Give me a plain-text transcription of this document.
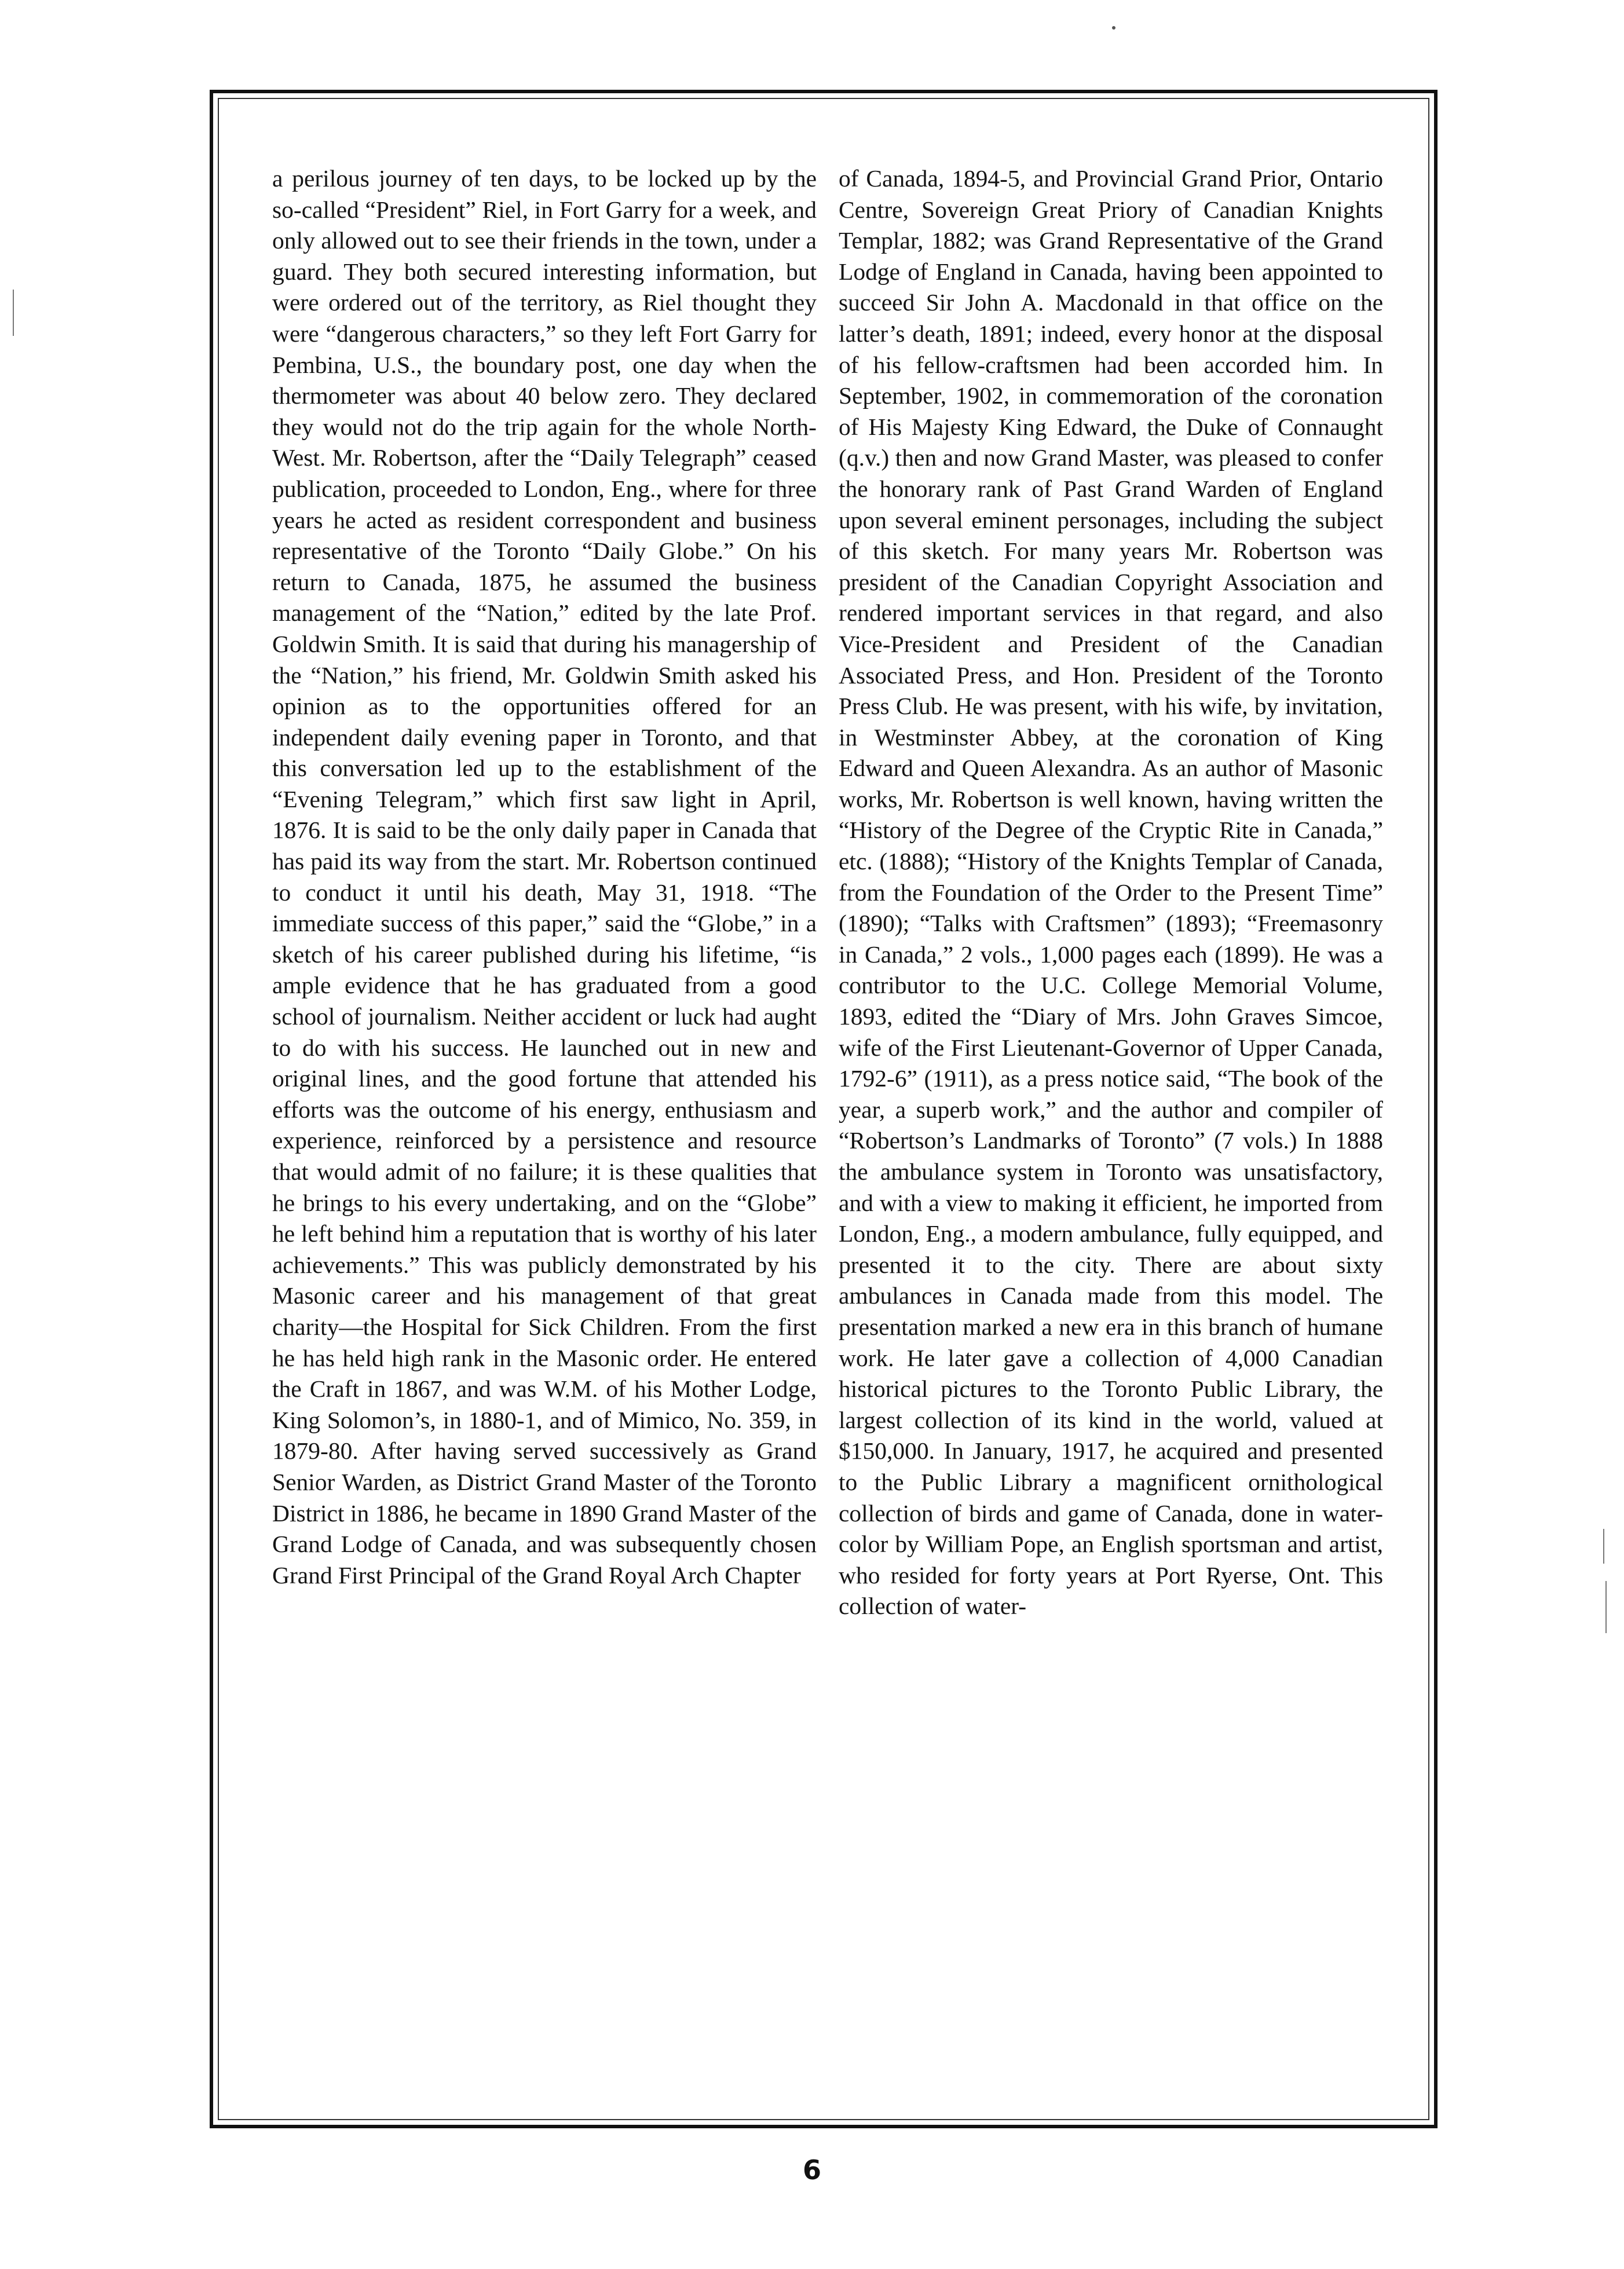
a perilous journey of ten days, to be locked up by the so-called “President” Riel, in Fort Garry for a week, and only allowed out to see their friends in the town, under a guard. They both secured interesting information, but were ordered out of the territory, as Riel thought they were “dangerous characters,” so they left Fort Garry for Pembina, U.S., the boundary post, one day when the thermometer was about 40 below zero. They declared they would not do the trip again for the whole North-West. Mr. Robertson, after the “Daily Telegraph” ceased publication, proceeded to London, Eng., where for three years he acted as resident correspondent and business representative of the Toronto “Daily Globe.” On his return to Canada, 1875, he assumed the business management of the “Nation,” edited by the late Prof. Goldwin Smith. It is said that during his managership of the “Nation,” his friend, Mr. Goldwin Smith asked his opinion as to the opportunities offered for an independent daily evening paper in Toronto, and that this conversation led up to the establishment of the “Evening Telegram,” which first saw light in April, 1876. It is said to be the only daily paper in Canada that has paid its way from the start. Mr. Robertson continued to conduct it until his death, May 31, 1918. “The immediate success of this paper,” said the “Globe,” in a sketch of his career published during his lifetime, “is ample evidence that he has graduated from a good school of journalism. Neither accident or luck had aught to do with his success. He launched out in new and original lines, and the good fortune that attended his efforts was the outcome of his energy, enthusiasm and experience, reinforced by a persistence and resource that would admit of no failure; it is these qualities that he brings to his every undertaking, and on the “Globe” he left behind him a reputation that is worthy of his later achievements.” This was publicly demonstrated by his Masonic career and his management of that great charity—the Hospital for Sick Children. From the first he has held high rank in the Masonic order. He entered the Craft in 1867, and was W.M. of his Mother Lodge, King Solomon’s, in 1880-1, and of Mimico, No. 359, in 1879-80. After having served successively as Grand Senior Warden, as District Grand Master of the Toronto District in 1886, he became in 1890 Grand Master of the Grand Lodge of Canada, and was subsequently chosen Grand First Principal of the Grand Royal Arch Chapter

of Canada, 1894-5, and Provincial Grand Prior, Ontario Centre, Sovereign Great Priory of Canadian Knights Templar, 1882; was Grand Representative of the Grand Lodge of England in Canada, having been appointed to succeed Sir John A. Macdonald in that office on the latter’s death, 1891; indeed, every honor at the disposal of his fellow-craftsmen had been accorded him. In September, 1902, in commemoration of the coronation of His Majesty King Edward, the Duke of Connaught (q.v.) then and now Grand Master, was pleased to confer the honorary rank of Past Grand Warden of England upon several eminent personages, including the subject of this sketch. For many years Mr. Robertson was president of the Canadian Copyright Association and rendered important services in that regard, and also Vice-President and President of the Canadian Associated Press, and Hon. President of the Toronto Press Club. He was present, with his wife, by invitation, in Westminster Abbey, at the coronation of King Edward and Queen Alexandra. As an author of Masonic works, Mr. Robertson is well known, having written the “History of the Degree of the Cryptic Rite in Canada,” etc. (1888); “History of the Knights Templar of Canada, from the Foundation of the Order to the Present Time” (1890); “Talks with Craftsmen” (1893); “Freemasonry in Canada,” 2 vols., 1,000 pages each (1899). He was a contributor to the U.C. College Memorial Volume, 1893, edited the “Diary of Mrs. John Graves Simcoe, wife of the First Lieutenant-Governor of Upper Canada, 1792-6” (1911), as a press notice said, “The book of the year, a superb work,” and the author and compiler of “Robertson’s Landmarks of Toronto” (7 vols.) In 1888 the ambulance system in Toronto was unsatisfactory, and with a view to making it efficient, he imported from London, Eng., a modern ambulance, fully equipped, and presented it to the city. There are about sixty ambulances in Canada made from this model. The presentation marked a new era in this branch of humane work. He later gave a collection of 4,000 Canadian historical pictures to the Toronto Public Library, the largest collection of its kind in the world, valued at $150,000. In January, 1917, he acquired and presented to the Public Library a magnificent ornithological collection of birds and game of Canada, done in water-color by William Pope, an English sportsman and artist, who resided for forty years at Port Ryerse, Ont. This collection of water-

6
